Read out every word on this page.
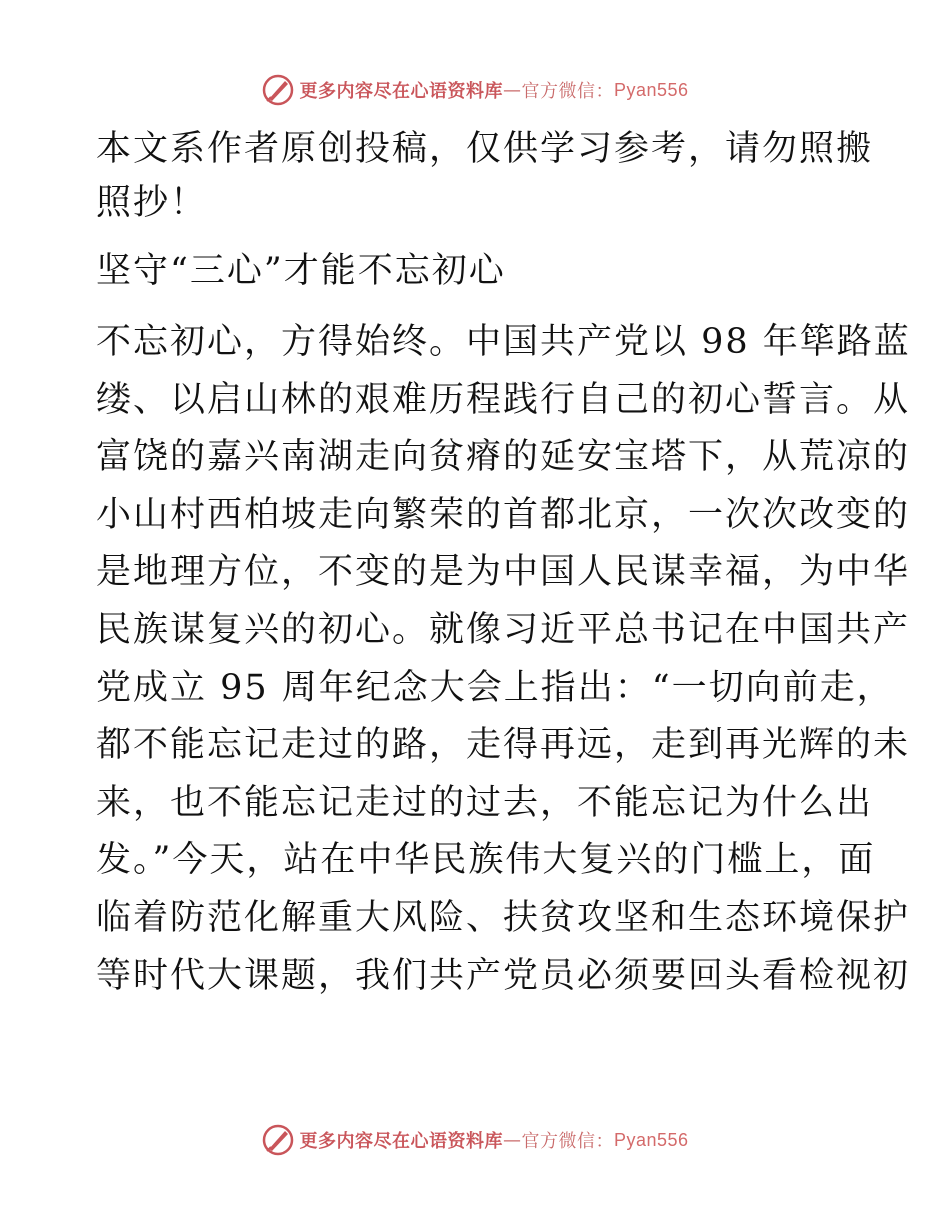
更多内容尽在心语资料库 — 官方微信： Pyan556
本文系作者原创投稿，仅供学习参考，请勿照搬
照抄！
坚守“三心”才能不忘初心
不忘初心，方得始终。中国共产党以 98 年筚路蓝
缕、以启山林的艰难历程践行自己的初心誓言。从
富饶的嘉兴南湖走向贫瘠的延安宝塔下，从荒凉的
小山村西柏坡走向繁荣的首都北京，一次次改变的
是地理方位，不变的是为中国人民谋幸福，为中华
民族谋复兴的初心。就像习近平总书记在中国共产
党成立 95 周年纪念大会上指出：“一切向前走，
都不能忘记走过的路，走得再远，走到再光辉的未
来，也不能忘记走过的过去，不能忘记为什么出
发。”今天，站在中华民族伟大复兴的门槛上，面
临着防范化解重大风险、扶贫攻坚和生态环境保护
等时代大课题，我们共产党员必须要回头看检视初
更多内容尽在心语资料库 — 官方微信： Pyan556
